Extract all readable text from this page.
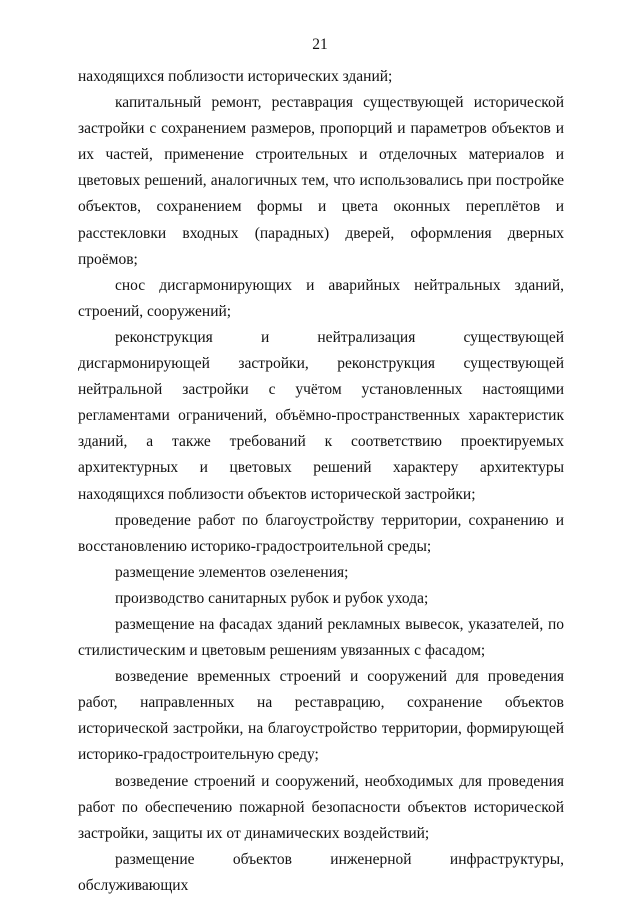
21

находящихся поблизости исторических зданий;

капитальный ремонт, реставрация существующей исторической застройки с сохранением размеров, пропорций и параметров объектов и их частей, применение строительных и отделочных материалов и цветовых решений, аналогичных тем, что использовались при постройке объектов, сохранением формы и цвета оконных переплётов и расстекловки входных (парадных) дверей, оформления дверных проёмов;

снос дисгармонирующих и аварийных нейтральных зданий, строений, сооружений;

реконструкция и нейтрализация существующей дисгармонирующей застройки, реконструкция существующей нейтральной застройки с учётом установленных настоящими регламентами ограничений, объёмно-пространственных характеристик зданий, а также требований к соответствию проектируемых архитектурных и цветовых решений характеру архитектуры находящихся поблизости объектов исторической застройки;

проведение работ по благоустройству территории, сохранению и восстановлению историко-градостроительной среды;

размещение элементов озеленения;

производство санитарных рубок и рубок ухода;

размещение на фасадах зданий рекламных вывесок, указателей, по стилистическим и цветовым решениям увязанных с фасадом;

возведение временных строений и сооружений для проведения работ, направленных на реставрацию, сохранение объектов исторической застройки, на благоустройство территории, формирующей историко-градостроительную среду;

возведение строений и сооружений, необходимых для проведения работ по обеспечению пожарной безопасности объектов исторической застройки, защиты их от динамических воздействий;

размещение объектов инженерной инфраструктуры, обслуживающих
